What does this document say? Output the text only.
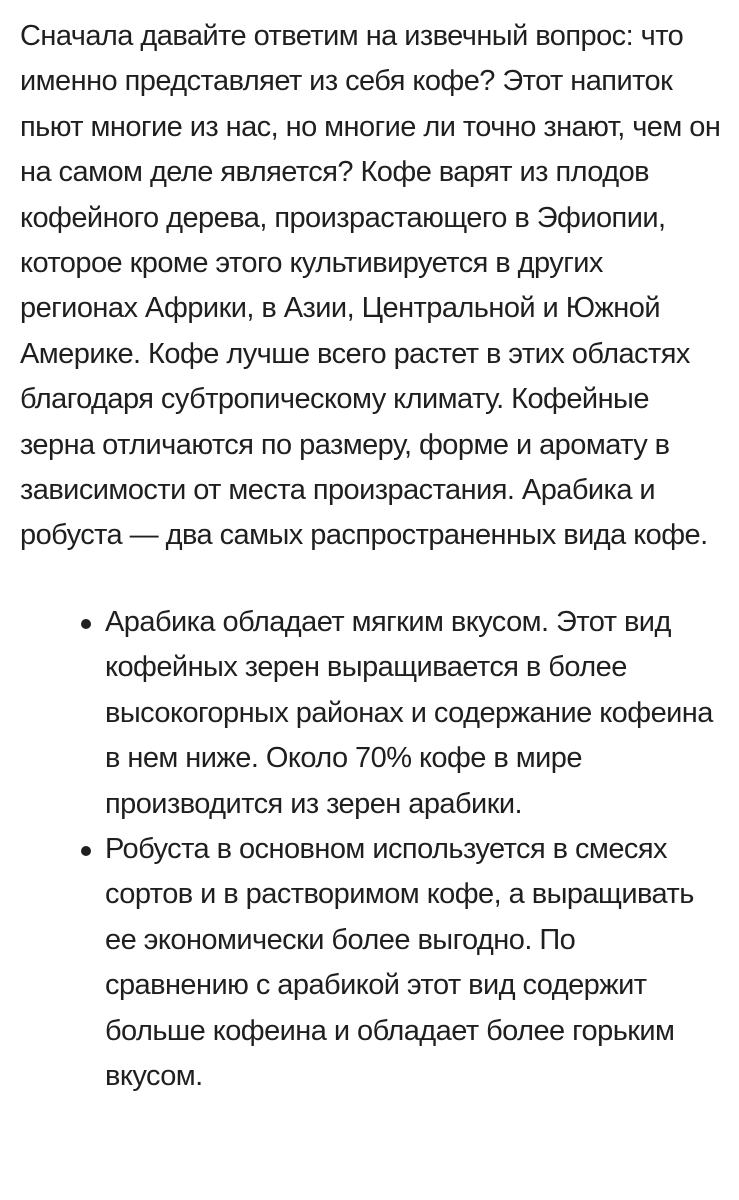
Сначала давайте ответим на извечный вопрос: что именно представляет из себя кофе? Этот напиток пьют многие из нас, но многие ли точно знают, чем он на самом деле является? Кофе варят из плодов кофейного дерева, произрастающего в Эфиопии, которое кроме этого культивируется в других регионах Африки, в Азии, Центральной и Южной Америке. Кофе лучше всего растет в этих областях благодаря субтропическому климату. Кофейные зерна отличаются по размеру, форме и аромату в зависимости от места произрастания. Арабика и робуста — два самых распространенных вида кофе.

Арабика обладает мягким вкусом. Этот вид кофейных зерен выращивается в более высокогорных районах и содержание кофеина в нем ниже. Около 70% кофе в мире производится из зерен арабики.
Робуста в основном используется в смесях сортов и в растворимом кофе, а выращивать ее экономически более выгодно. По сравнению с арабикой этот вид содержит больше кофеина и обладает более горьким вкусом.
